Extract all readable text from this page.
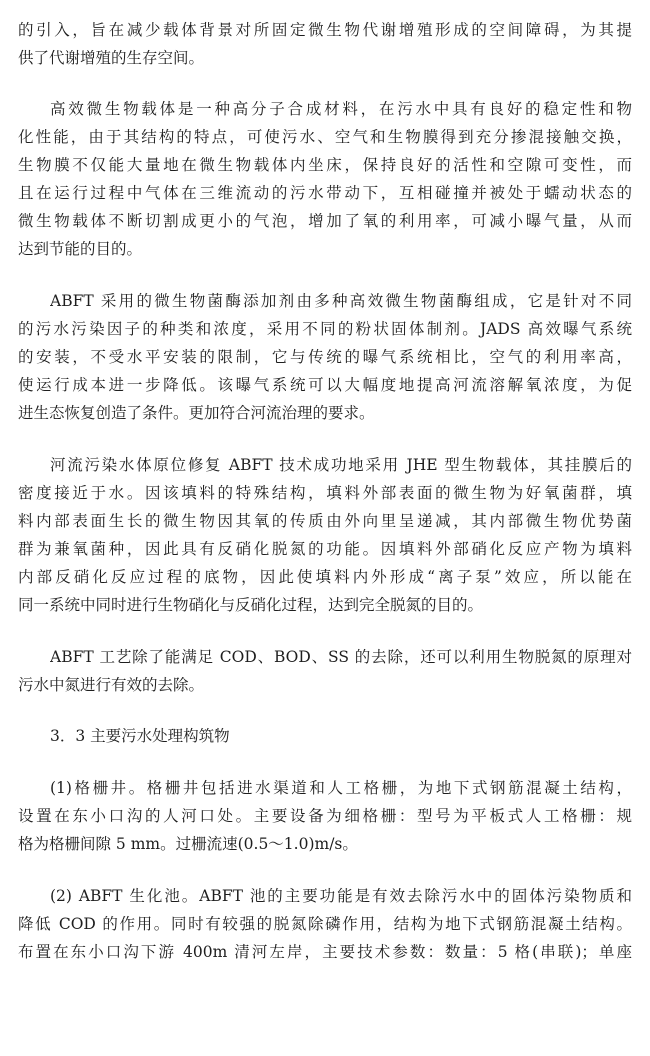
的引入，旨在减少载体背景对所固定微生物代谢增殖形成的空间障碍，为其提
供了代谢增殖的生存空间。
高效微生物载体是一种高分子合成材料，在污水中具有良好的稳定性和物
化性能，由于其结构的特点，可使污水、空气和生物膜得到充分掺混接触交换，
生物膜不仅能大量地在微生物载体内坐床，保持良好的活性和空隙可变性，而
且在运行过程中气体在三维流动的污水带动下，互相碰撞并被处于蠕动状态的
微生物载体不断切割成更小的气泡，增加了氧的利用率，可减小曝气量，从而
达到节能的目的。
ABFT 采用的微生物菌酶添加剂由多种高效微生物菌酶组成，它是针对不同
的污水污染因子的种类和浓度，采用不同的粉状固体制剂。JADS 高效曝气系统
的安装，不受水平安装的限制，它与传统的曝气系统相比，空气的利用率高，
使运行成本进一步降低。该曝气系统可以大幅度地提高河流溶解氧浓度，为促
进生态恢复创造了条件。更加符合河流治理的要求。
河流污染水体原位修复 ABFT 技术成功地采用 JHE 型生物载体，其挂膜后的
密度接近于水。因该填料的特殊结构，填料外部表面的微生物为好氧菌群，填
料内部表面生长的微生物因其氧的传质由外向里呈递减，其内部微生物优势菌
群为兼氧菌种，因此具有反硝化脱氮的功能。因填料外部硝化反应产物为填料
内部反硝化反应过程的底物，因此使填料内外形成“离子泵”效应，所以能在
同一系统中同时进行生物硝化与反硝化过程，达到完全脱氮的目的。
ABFT 工艺除了能满足 COD、BOD、SS 的去除，还可以利用生物脱氮的原理对
污水中氮进行有效的去除。
3．3 主要污水处理构筑物
(1)格栅井。格栅井包括进水渠道和人工格栅，为地下式钢筋混凝土结构，
设置在东小口沟的人河口处。主要设备为细格栅：型号为平板式人工格栅：规
格为格栅间隙 5 mm。过栅流速(0.5～1.0)m/s。
(2) ABFT 生化池。ABFT 池的主要功能是有效去除污水中的固体污染物质和
降低 COD 的作用。同时有较强的脱氮除磷作用，结构为地下式钢筋混凝土结构。
布置在东小口沟下游 400m 清河左岸，主要技术参数：数量：5 格(串联)；单座
